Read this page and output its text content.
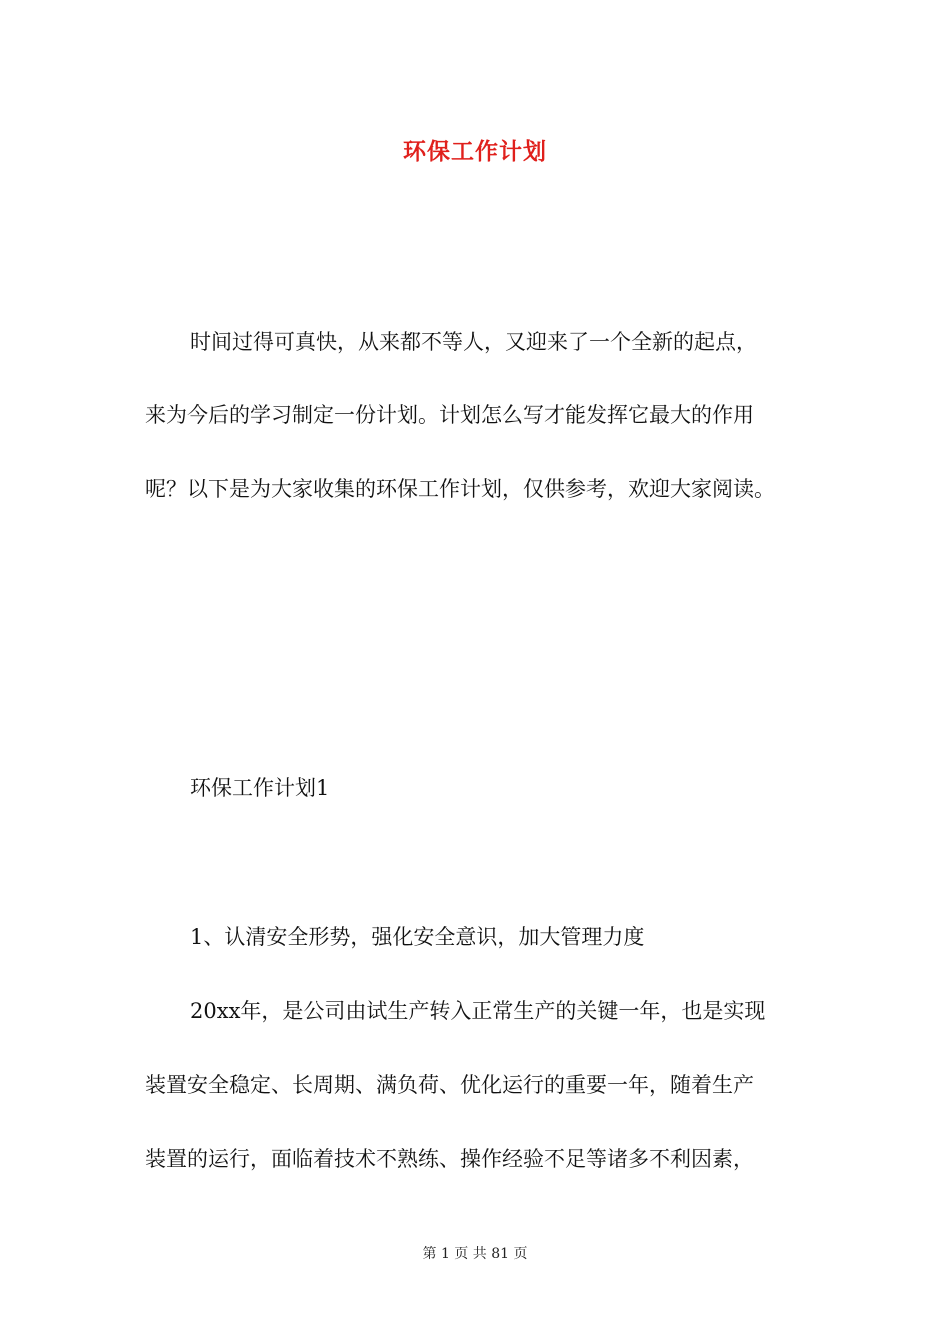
环保工作计划
时间过得可真快，从来都不等人，又迎来了一个全新的起点，
来为今后的学习制定一份计划。计划怎么写才能发挥它最大的作用
呢？以下是为大家收集的环保工作计划，仅供参考，欢迎大家阅读。
环保工作计划1
1、认清安全形势，强化安全意识，加大管理力度
20xx年，是公司由试生产转入正常生产的关键一年，也是实现
装置安全稳定、长周期、满负荷、优化运行的重要一年，随着生产
装置的运行，面临着技术不熟练、操作经验不足等诸多不利因素，
第 1 页 共 81 页
